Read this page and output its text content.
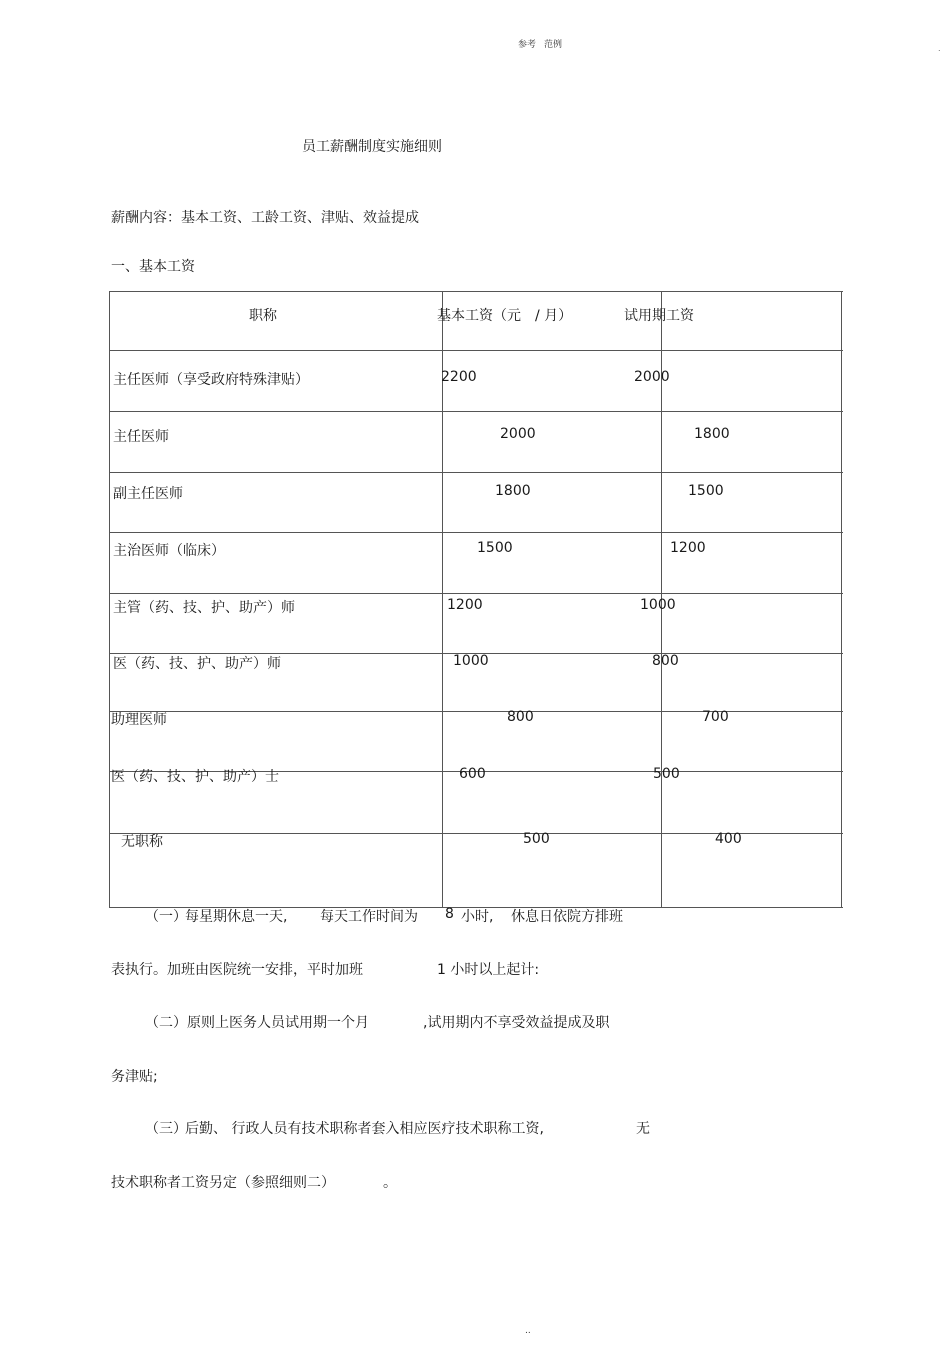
参考 范例	.
员工薪酬制度实施细则
薪酬内容：基本工资、工龄工资、津贴、效益提成
一、基本工资
职称	基本工资（元　/ 月）	试用期工资
主任医师（享受政府特殊津贴）	2200	2000
主任医师	2000	1800
副主任医师	1800	1500
主治医师（临床）	1500	1200
主管（药、技、护、助产）师	1200	1000
医（药、技、护、助产）师	1000	800
助理医师	800	700
医（药、技、护、助产）士	600	500
无职称	500	400
（一）
每星期休息一天, 每天工作时间为 8 小时, 休息日依院方排班
表执行。加班由医院统一安排，平时加班	1 小时以上起计:
（二）原则上医务人员试用期一个月	,试用期内不享受效益提成及职
务津贴;
（三）
后勤、 行政人员有技术职称者套入相应医疗技术职称工资,	无
技术职称者工资另定（参照细则二）	。
..
